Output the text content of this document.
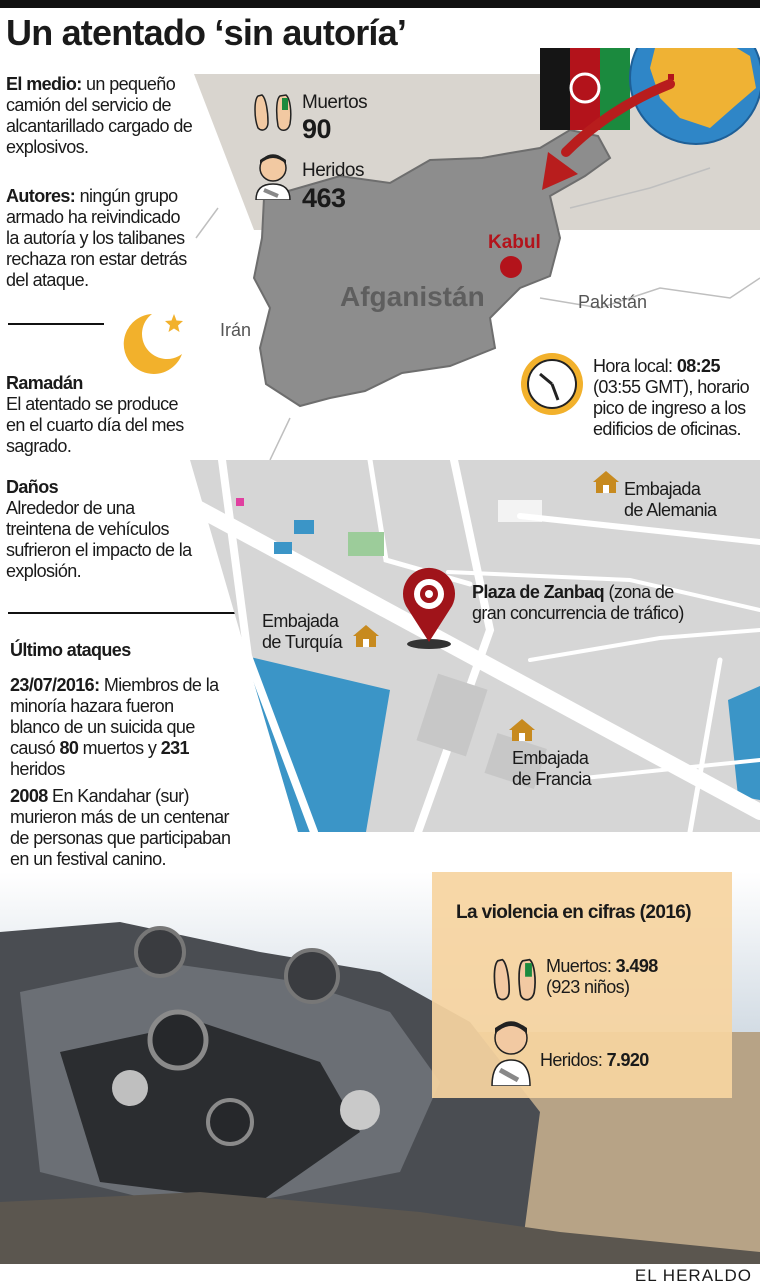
Un atentado ‘sin autoría’
El medio: un pequeño camión del servicio de alcantarillado cargado de explosivos.
Autores: ningún grupo armado ha reivindicado la autoría y los talibanes rechaza ron estar detrás del ataque.
Ramadán
El atentado se produce en el cuarto día del mes sagrado.
Daños
Alrededor de una treintena de vehículos sufrieron el impacto de la explosión.
Último ataques
23/07/2016: Miembros de la minoría hazara fueron blanco de un suicida que causó 80 muertos y 231 heridos
2008 En Kandahar (sur) murieron más de un centenar de personas que participaban en un festival canino.
Afganistán
Kabul
Irán
Pakistán
Muertos
90
Heridos
463
Hora local: 08:25 (03:55 GMT), horario pico de ingreso a los edificios de oficinas.
Embajada
de Alemania
Embajada
de Turquía
Embajada
de Francia
Plaza de Zanbaq (zona de
gran concurrencia de tráfico)
La violencia en cifras (2016)
Muertos: 3.498
(923 niños)
Heridos: 7.920
EL HERALDO
